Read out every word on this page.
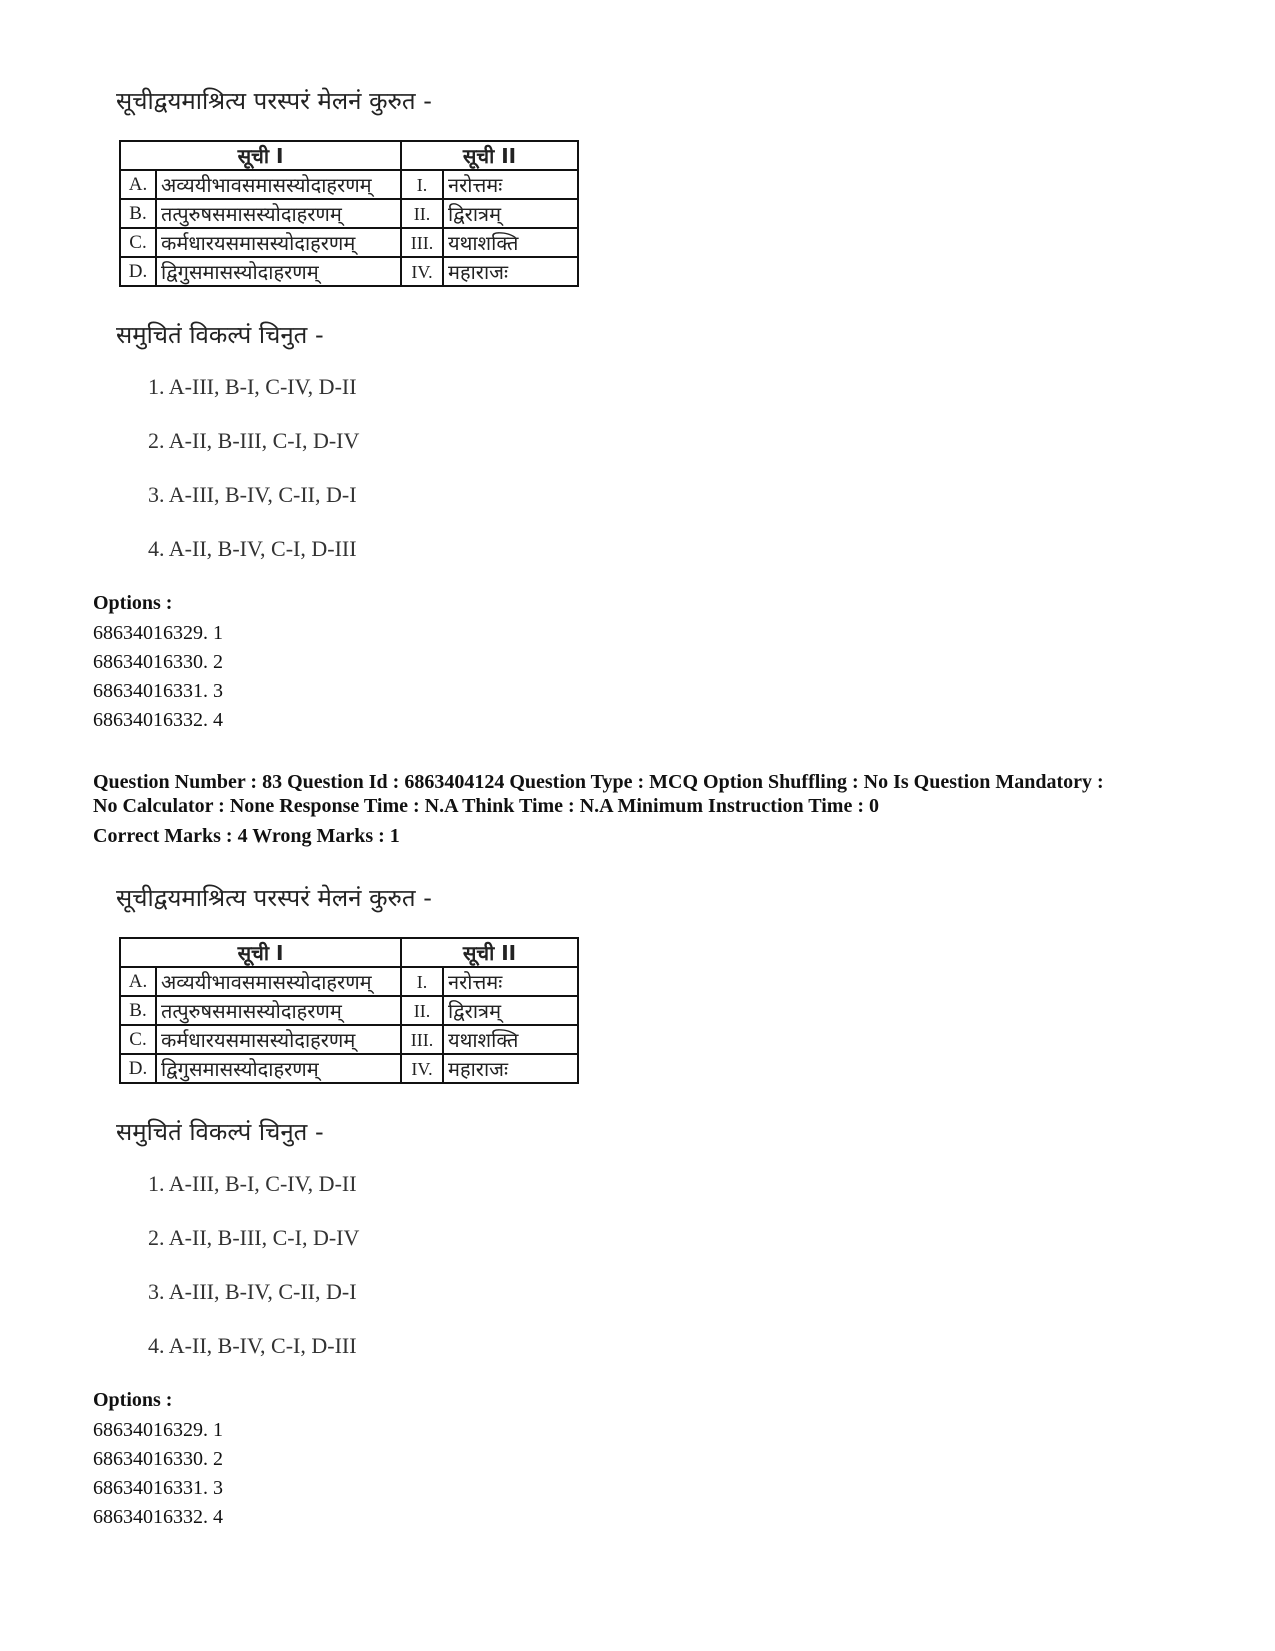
सूचीद्वयमाश्रित्य परस्परं मेलनं कुरुत -
सूची I		सूची II	
A.	अव्ययीभावसमासस्योदाहरणम्	I.	नरोत्तमः
B.	तत्पुरुषसमासस्योदाहरणम्	II.	द्विरात्रम्
C.	कर्मधारयसमासस्योदाहरणम्	III.	यथाशक्ति
D.	द्विगुसमासस्योदाहरणम्	IV.	महाराजः
समुचितं विकल्पं चिनुत -
1. A-III, B-I, C-IV, D-II
2. A-II, B-III, C-I, D-IV
3. A-III, B-IV, C-II, D-I
4. A-II, B-IV, C-I, D-III
Options :
68634016329. 1
68634016330. 2
68634016331. 3
68634016332. 4
Question Number : 83 Question Id : 6863404124 Question Type : MCQ Option Shuffling : No Is Question Mandatory :
No Calculator : None Response Time : N.A Think Time : N.A Minimum Instruction Time : 0
Correct Marks : 4 Wrong Marks : 1
सूचीद्वयमाश्रित्य परस्परं मेलनं कुरुत -
सूची I		सूची II	
A.	अव्ययीभावसमासस्योदाहरणम्	I.	नरोत्तमः
B.	तत्पुरुषसमासस्योदाहरणम्	II.	द्विरात्रम्
C.	कर्मधारयसमासस्योदाहरणम्	III.	यथाशक्ति
D.	द्विगुसमासस्योदाहरणम्	IV.	महाराजः
समुचितं विकल्पं चिनुत -
1. A-III, B-I, C-IV, D-II
2. A-II, B-III, C-I, D-IV
3. A-III, B-IV, C-II, D-I
4. A-II, B-IV, C-I, D-III
Options :
68634016329. 1
68634016330. 2
68634016331. 3
68634016332. 4
